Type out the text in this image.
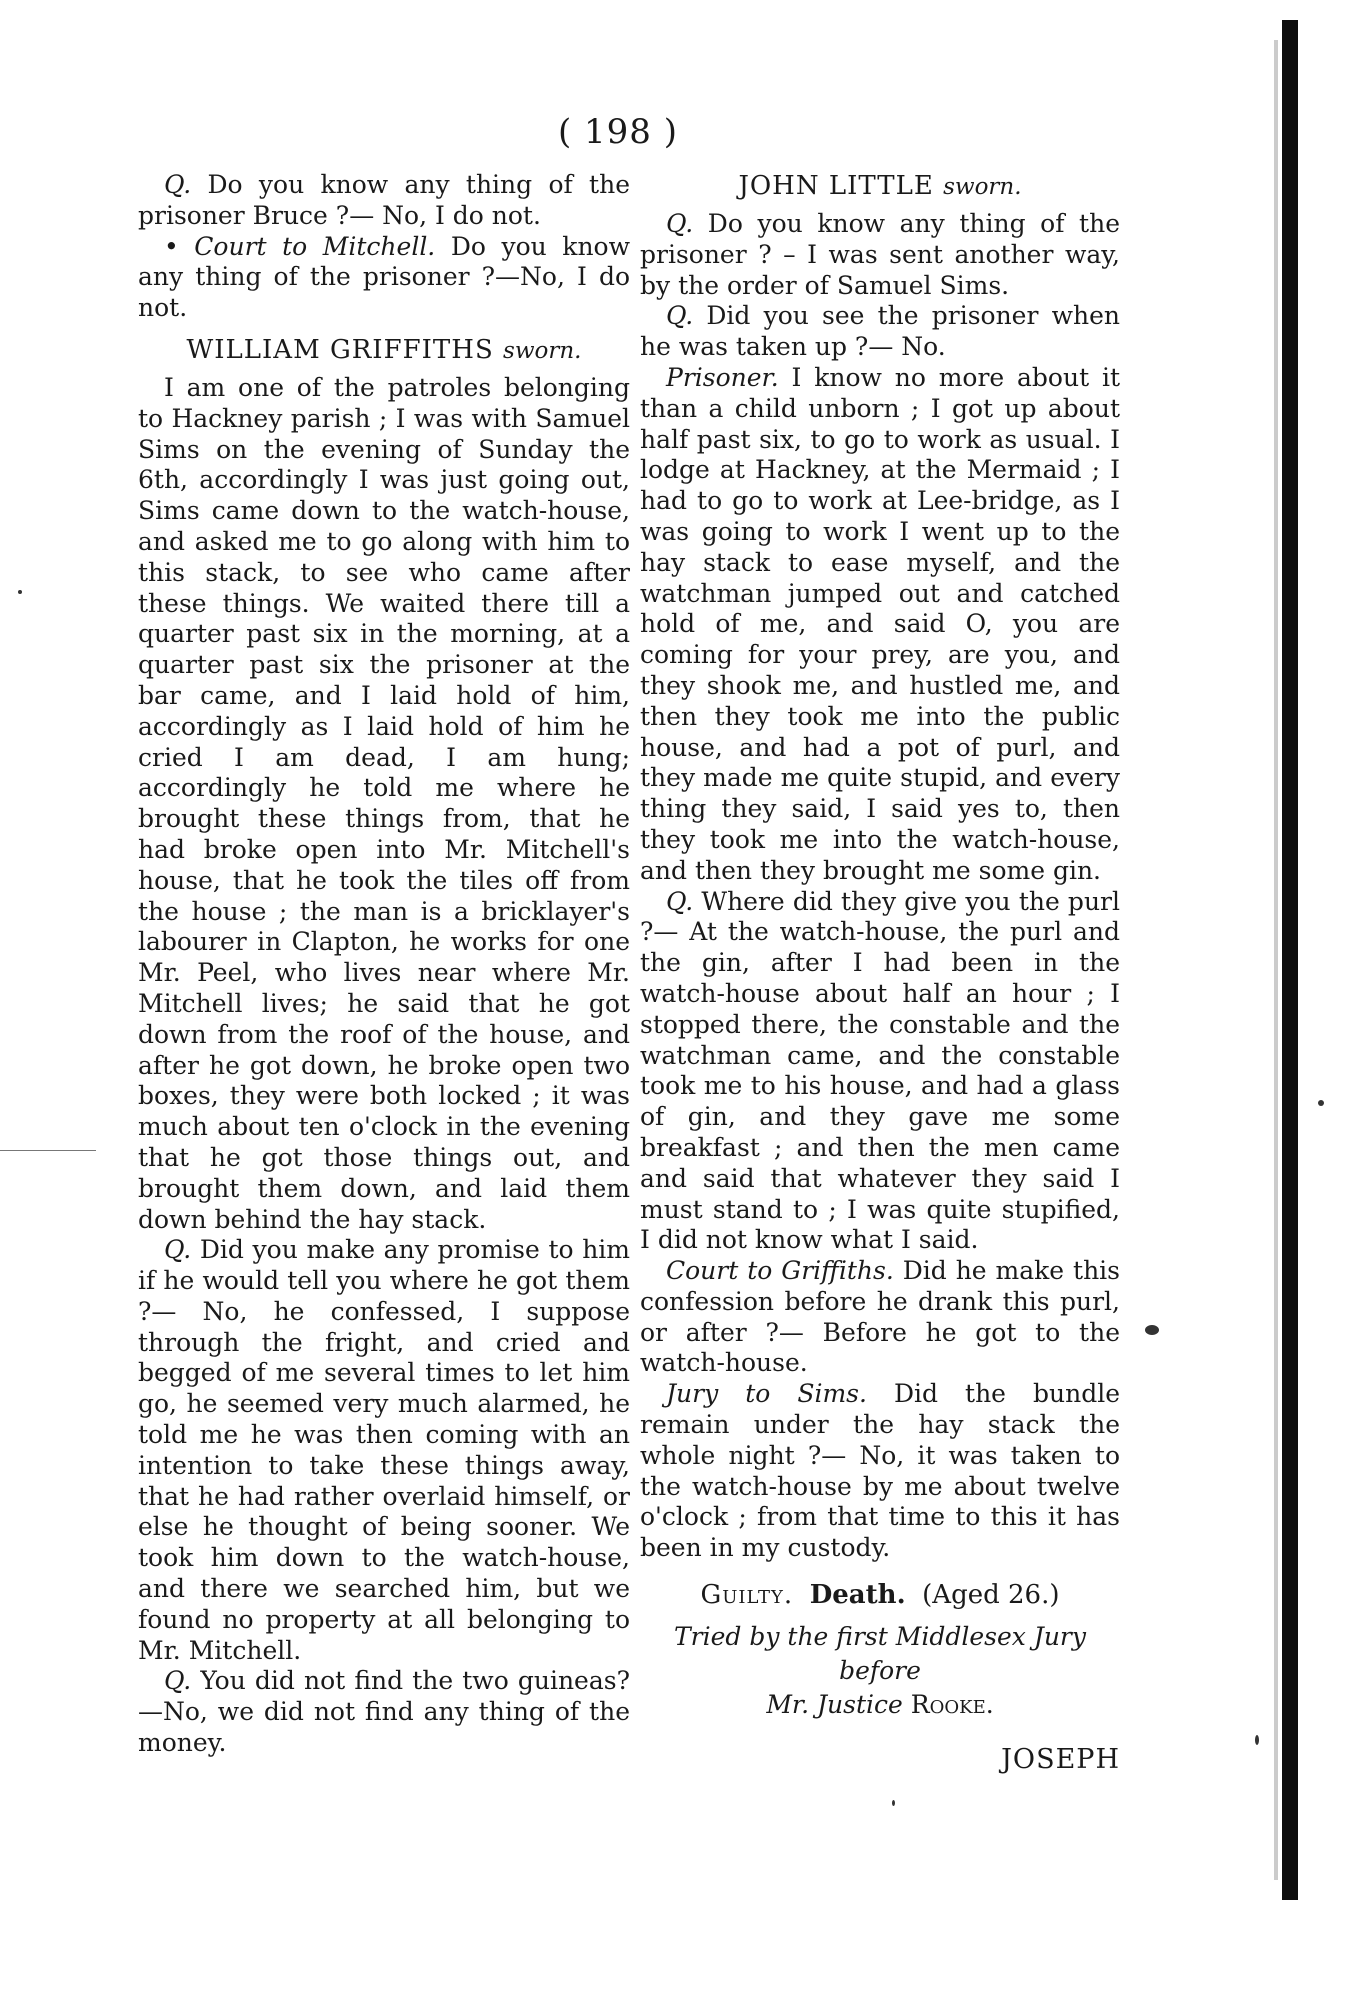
( 198 )

Q. Do you know any thing of the prisoner Bruce ?— No, I do not.

• Court to Mitchell. Do you know any thing of the prisoner ?—No, I do not.

WILLIAM GRIFFITHS sworn.

I am one of the patroles belonging to Hackney parish ; I was with Samuel Sims on the evening of Sunday the 6th, accordingly I was just going out, Sims came down to the watch-house, and asked me to go along with him to this stack, to see who came after these things. We waited there till a quarter past six in the morning, at a quarter past six the prisoner at the bar came, and I laid hold of him, accordingly as I laid hold of him he cried I am dead, I am hung; accordingly he told me where he brought these things from, that he had broke open into Mr. Mitchell's house, that he took the tiles off from the house ; the man is a bricklayer's labourer in Clapton, he works for one Mr. Peel, who lives near where Mr. Mitchell lives; he said that he got down from the roof of the house, and after he got down, he broke open two boxes, they were both locked ; it was much about ten o'clock in the evening that he got those things out, and brought them down, and laid them down behind the hay stack.

Q. Did you make any promise to him if he would tell you where he got them ?— No, he confessed, I suppose through the fright, and cried and begged of me several times to let him go, he seemed very much alarmed, he told me he was then coming with an intention to take these things away, that he had rather overlaid himself, or else he thought of being sooner. We took him down to the watch-house, and there we searched him, but we found no property at all belonging to Mr. Mitchell.

Q. You did not find the two guineas? —No, we did not find any thing of the money.

JOHN LITTLE sworn.

Q. Do you know any thing of the prisoner ? – I was sent another way, by the order of Samuel Sims.

Q. Did you see the prisoner when he was taken up ?— No.

Prisoner. I know no more about it than a child unborn ; I got up about half past six, to go to work as usual. I lodge at Hackney, at the Mermaid ; I had to go to work at Lee-bridge, as I was going to work I went up to the hay stack to ease myself, and the watchman jumped out and catched hold of me, and said O, you are coming for your prey, are you, and they shook me, and hustled me, and then they took me into the public house, and had a pot of purl, and they made me quite stupid, and every thing they said, I said yes to, then they took me into the watch-house, and then they brought me some gin.

Q. Where did they give you the purl ?— At the watch-house, the purl and the gin, after I had been in the watch-house about half an hour ; I stopped there, the constable and the watchman came, and the constable took me to his house, and had a glass of gin, and they gave me some breakfast ; and then the men came and said that whatever they said I must stand to ; I was quite stupified, I did not know what I said.

Court to Griffiths. Did he make this confession before he drank this purl, or after ?— Before he got to the watch-house.

Jury to Sims. Did the bundle remain under the hay stack the whole night ?— No, it was taken to the watch-house by me about twelve o'clock ; from that time to this it has been in my custody.

Guilty. Death. (Aged 26.)
Tried by the first Middlesex Jury before
Mr. Justice Rooke.
JOSEPH
